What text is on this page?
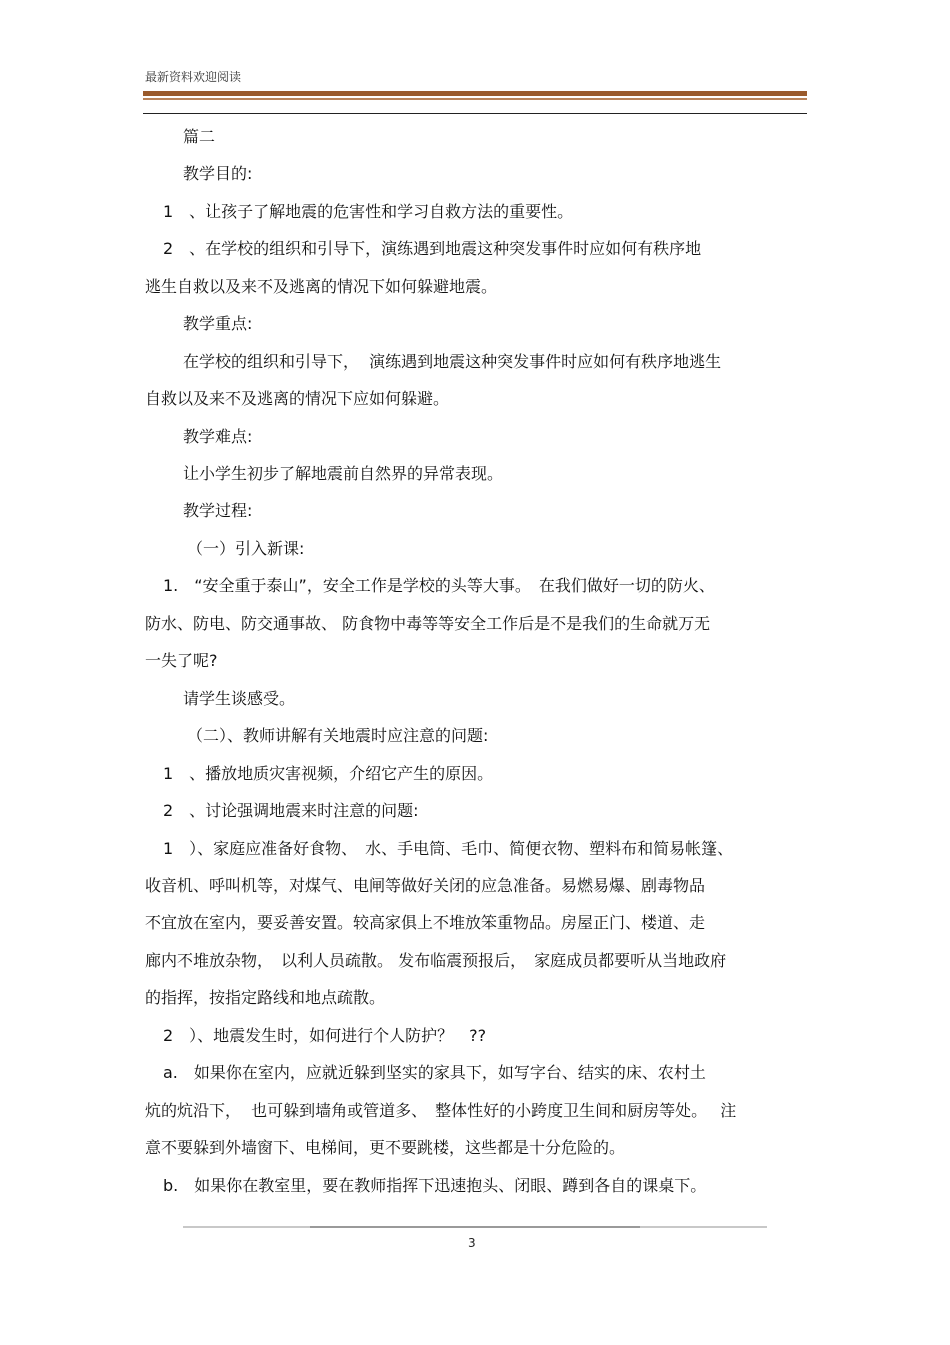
最新资料欢迎阅读
篇二
教学目的:
1　、让孩子了解地震的危害性和学习自救方法的重要性。
2　、在学校的组织和引导下，演练遇到地震这种突发事件时应如何有秩序地
逃生自救以及来不及逃离的情况下如何躲避地震。
教学重点:
在学校的组织和引导下，  演练遇到地震这种突发事件时应如何有秩序地逃生
自救以及来不及逃离的情况下应如何躲避。
教学难点:
让小学生初步了解地震前自然界的异常表现。
教学过程:
（一）引入新课:
1.　“安全重于泰山”，安全工作是学校的头等大事。　在我们做好一切的防火、
防水、防电、防交通事故、 防食物中毒等等安全工作后是不是我们的生命就万无
一失了呢?
请学生谈感受。
（二）、教师讲解有关地震时应注意的问题:
1　、播放地质灾害视频，介绍它产生的原因。
2　、讨论强调地震来时注意的问题:
1　）、家庭应准备好食物、　水、手电筒、毛巾、简便衣物、塑料布和简易帐篷、
收音机、呼叫机等，对煤气、电闸等做好关闭的应急准备。易燃易爆、剧毒物品
不宜放在室内，要妥善安置。较高家俱上不堆放笨重物品。房屋正门、楼道、走
廊内不堆放杂物，　以利人员疏散。 发布临震预报后，　家庭成员都要听从当地政府
的指挥，按指定路线和地点疏散。
2　）、地震发生时，如何进行个人防护？　??
a.　如果你在室内，应就近躲到坚实的家具下，如写字台、结实的床、农村土
炕的炕沿下，  也可躲到墙角或管道多、　整体性好的小跨度卫生间和厨房等处。　 注
意不要躲到外墙窗下、电梯间，更不要跳楼，这些都是十分危险的。
b.　如果你在教室里，要在教师指挥下迅速抱头、闭眼、蹲到各自的课桌下。
3
